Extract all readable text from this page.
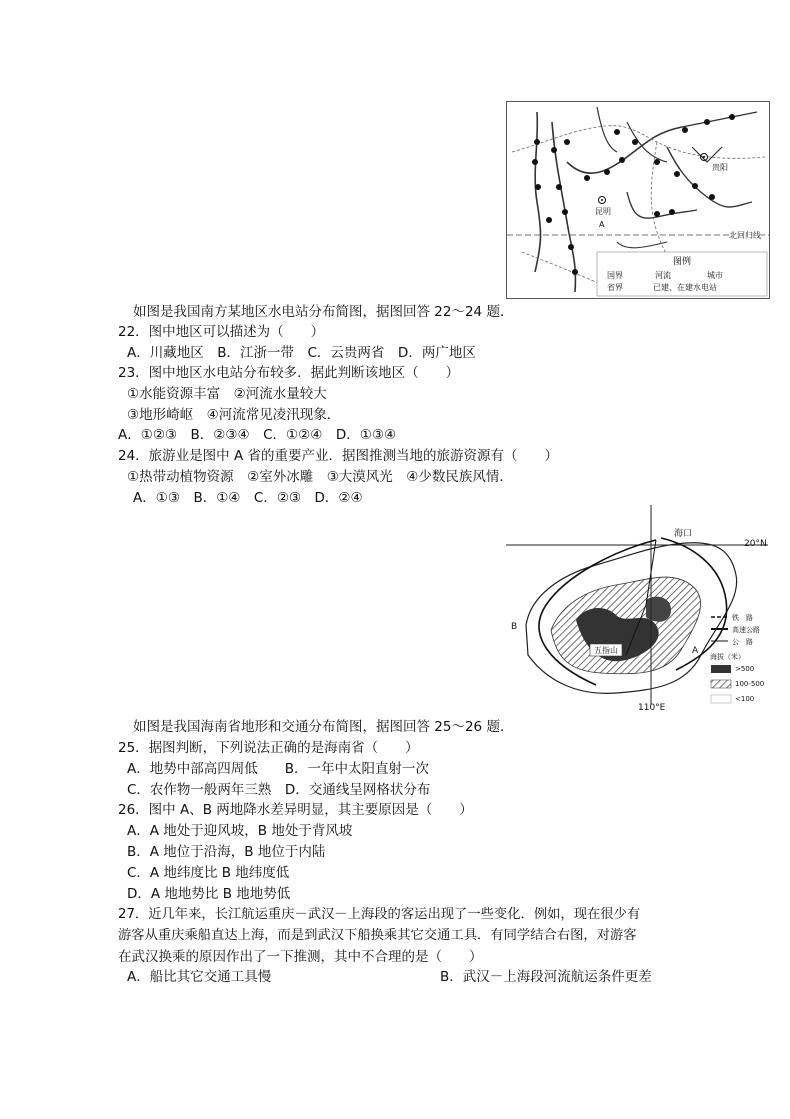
贵阳
昆明
A
北回归线
图例
国界	河流	城市
省界	已建、在建水电站
如图是我国南方某地区水电站分布简图，据图回答 22～24 题．
22．图中地区可以描述为（　　）
A．川藏地区　B．江浙一带　C．云贵两省　D．两广地区
23．图中地区水电站分布较多．据此判断该地区（　　）
①水能资源丰富　②河流水量较大
③地形崎岖　④河流常见凌汛现象．
A．①②③　B．②③④　C．①②④　D．①③④
24．旅游业是图中 A 省的重要产业．据图推测当地的旅游资源有（　　）
①热带动植物资源　②室外冰雕　③大漠风光　④少数民族风情．
A．①③　B．①④　C．②③　D．②④
海口
20°N
110°E
五指山	A
B
铁　路
高速公路
公　路
海拔（米）
>500
100-500
<100
如图是我国海南省地形和交通分布简图，据图回答 25～26 题．
25．据图判断，下列说法正确的是海南省（　　）
A．地势中部高四周低　　B．一年中太阳直射一次
C．农作物一般两年三熟　D．交通线呈网格状分布
26．图中 A、B 两地降水差异明显，其主要原因是（　　）
A．A 地处于迎风坡，B 地处于背风坡
B．A 地位于沿海，B 地位于内陆
C．A 地纬度比 B 地纬度低
D．A 地地势比 B 地地势低
27．近几年来，长江航运重庆－武汉－上海段的客运出现了一些变化．例如，现在很少有
游客从重庆乘船直达上海，而是到武汉下船换乘其它交通工具．有同学结合右图，对游客
在武汉换乘的原因作出了一下推测，其中不合理的是（　　）
A．船比其它交通工具慢	B．武汉－上海段河流航运条件更差
